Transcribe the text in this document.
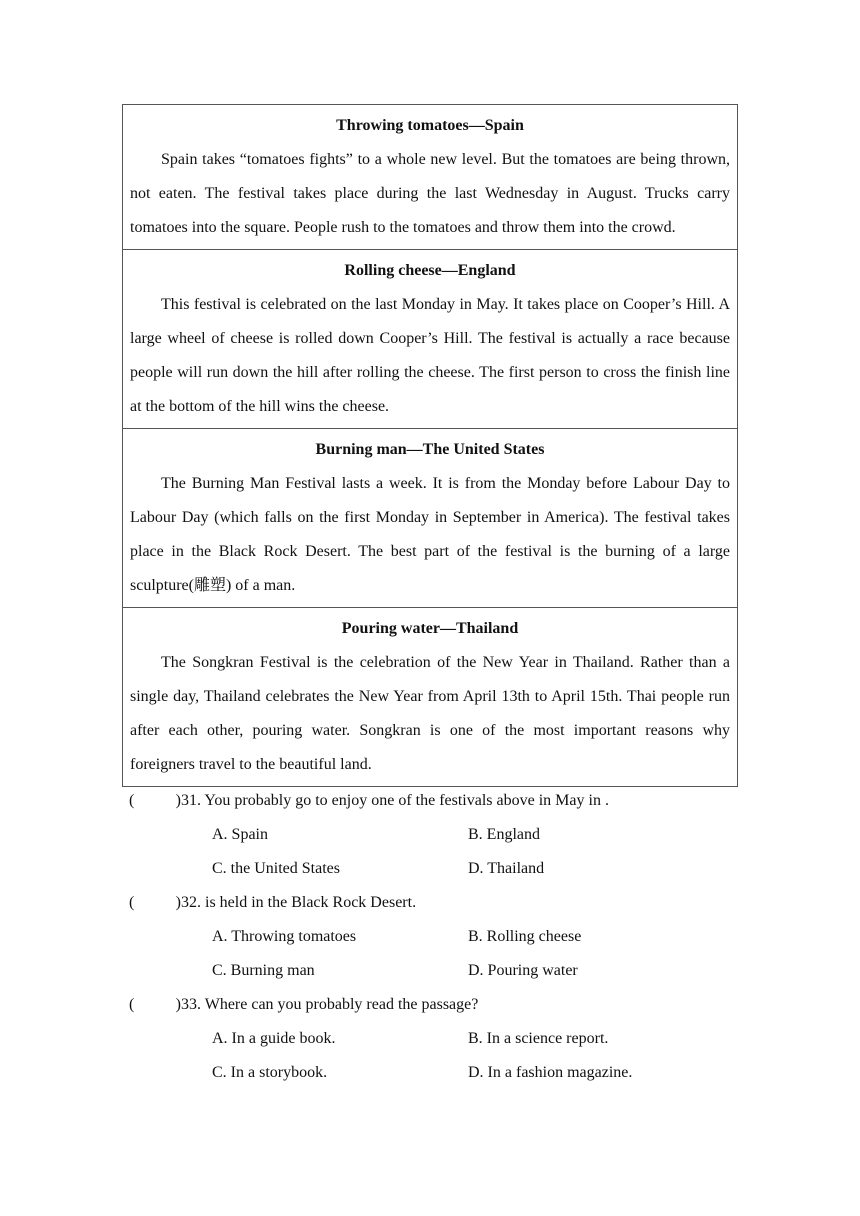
Throwing tomatoes—Spain

Spain takes “tomatoes fights” to a whole new level. But the tomatoes are being thrown, not eaten. The festival takes place during the last Wednesday in August. Trucks carry tomatoes into the square. People rush to the tomatoes and throw them into the crowd.

Rolling cheese—England

This festival is celebrated on the last Monday in May. It takes place on Cooper’s Hill. A large wheel of cheese is rolled down Cooper’s Hill. The festival is actually a race because people will run down the hill after rolling the cheese. The first person to cross the finish line at the bottom of the hill wins the cheese.

Burning man—The United States

The Burning Man Festival lasts a week. It is from the Monday before Labour Day to Labour Day (which falls on the first Monday in September in America). The festival takes place in the Black Rock Desert. The best part of the festival is the burning of a large sculpture(雕塑) of a man.

Pouring water—Thailand

The Songkran Festival is the celebration of the New Year in Thailand. Rather than a single day, Thailand celebrates the New Year from April 13th to April 15th. Thai people run after each other, pouring water. Songkran is one of the most important reasons why foreigners travel to the beautiful land.

(	) 31. You probably go to enjoy one of the festivals above in May in .
A. Spain	B. England
C. the United States	D. Thailand
(	) 32. is held in the Black Rock Desert.
A. Throwing tomatoes	B. Rolling cheese
C. Burning man	D. Pouring water
(	) 33. Where can you probably read the passage?
A. In a guide book.	B. In a science report.
C. In a storybook.	D. In a fashion magazine.
